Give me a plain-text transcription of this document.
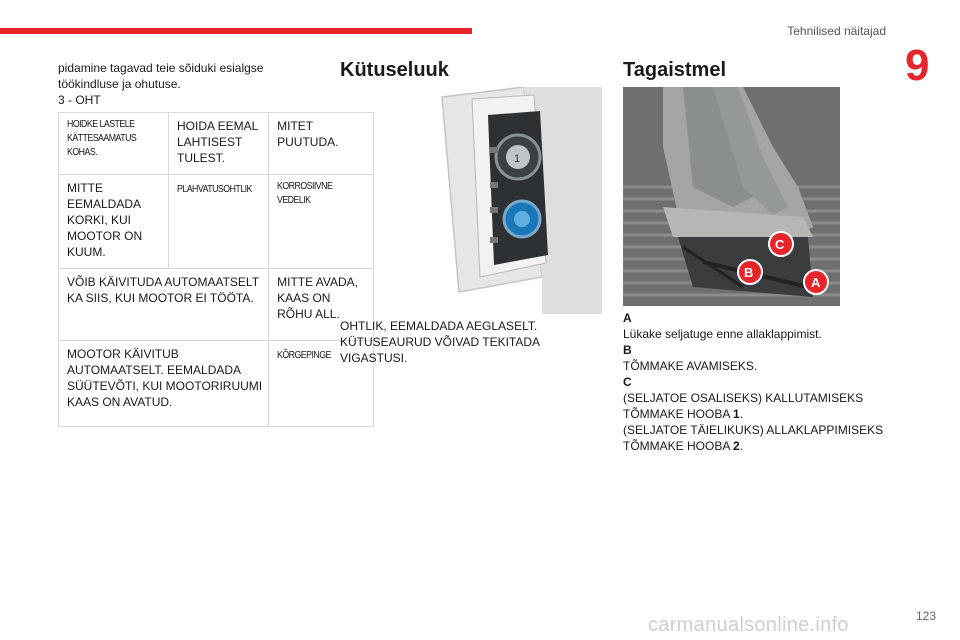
Tehnilised näitajad
9

pidamine tagavad teie sõiduki esialgse

töökindluse ja ohutuse.

3 - OHT

HOIDKE LASTELE KÄTTESAAMATUS KOHAS.	HOIDA EEMAL LAHTISEST TULEST.	MITET PUUTUDA.
MITTE EEMALDADA KORKI, KUI MOOTOR ON KUUM.	PLAHVATUSOHTLIK	KORROSIIVNE VEDELIK
VÕIB KÄIVITUDA AUTOMAATSELT KA SIIS, KUI MOOTOR EI TÖÖTA.		MITTE AVADA, KAAS ON RÕHU ALL.
MOOTOR KÄIVITUB AUTOMAATSELT. EEMALDADA SÜÜTEVÕTI, KUI MOOTORIRUUMI KAAS ON AVATUD.		KÕRGEPINGE
Kütuseluuk
1
OHTLIK, EEMALDADA AEGLASELT. KÜTUSEAURUD VÕIVAD TEKITADA VIGASTUSI.
Tagaistmel
C
B
A
A
Lükake seljatuge enne allaklappimist.
B
TÕMMAKE AVAMISEKS.
C
(SELJATOE OSALISEKS) KALLUTAMISEKS TÕMMAKE HOOBA 1.
(SELJATOE TÄIELIKUKS) ALLAKLAPPIMISEKS TÕMMAKE HOOBA 2.
123
carmanualsonline.info
